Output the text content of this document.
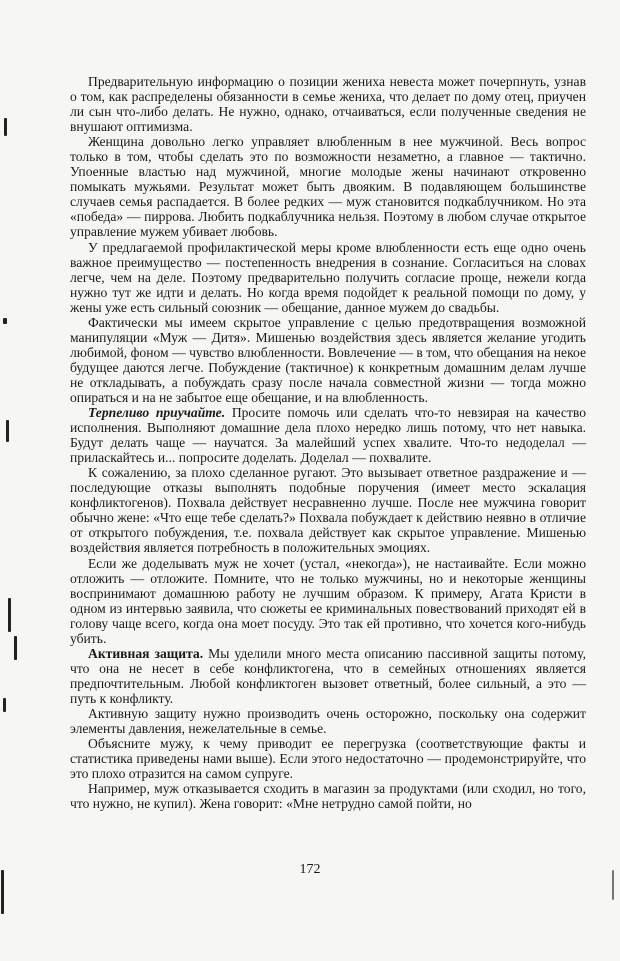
Предварительную информацию о позиции жениха невеста может почерпнуть, узнав о том, как распределены обязанности в семье жениха, что делает по дому отец, приучен ли сын что-либо делать. Не нужно, однако, отчаиваться, если полученные сведения не внушают оптимизма.

Женщина довольно легко управляет влюбленным в нее мужчиной. Весь вопрос только в том, чтобы сделать это по возможности незаметно, а главное — тактично. Упоенные властью над мужчиной, многие молодые жены начинают откровенно помыкать мужьями. Результат может быть двояким. В подавляющем большинстве случаев семья распадается. В более редких — муж становится подкаблучником. Но эта «победа» — пиррова. Любить подкаблучника нельзя. Поэтому в любом случае открытое управление мужем убивает любовь.

У предлагаемой профилактической меры кроме влюбленности есть еще одно очень важное преимущество — постепенность внедрения в сознание. Согласиться на словах легче, чем на деле. Поэтому предварительно получить согласие проще, нежели когда нужно тут же идти и делать. Но когда время подойдет к реальной помощи по дому, у жены уже есть сильный союзник — обещание, данное мужем до свадьбы.

Фактически мы имеем скрытое управление с целью предотвращения возможной манипуляции «Муж — Дитя». Мишенью воздействия здесь является желание угодить любимой, фоном — чувство влюбленности. Вовлечение — в том, что обещания на некое будущее даются легче. Побуждение (тактичное) к конкретным домашним делам лучше не откладывать, а побуждать сразу после начала совместной жизни — тогда можно опираться и на не забытое еще обещание, и на влюбленность.

Терпеливо приучайте. Просите помочь или сделать что-то невзирая на качество исполнения. Выполняют домашние дела плохо нередко лишь потому, что нет навыка. Будут делать чаще — научатся. За малейший успех хвалите. Что-то недоделал — приласкайтесь и... попросите доделать. Доделал — похвалите.

К сожалению, за плохо сделанное ругают. Это вызывает ответное раздражение и — последующие отказы выполнять подобные поручения (имеет место эскалация конфликтогенов). Похвала действует несравненно лучше. После нее мужчина говорит обычно жене: «Что еще тебе сделать?» Похвала побуждает к действию неявно в отличие от открытого побуждения, т.е. похвала действует как скрытое управление. Мишенью воздействия является потребность в положительных эмоциях.

Если же доделывать муж не хочет (устал, «некогда»), не настаивайте. Если можно отложить — отложите. Помните, что не только мужчины, но и некоторые женщины воспринимают домашнюю работу не лучшим образом. К примеру, Агата Кристи в одном из интервью заявила, что сюжеты ее криминальных повествований приходят ей в голову чаще всего, когда она моет посуду. Это так ей противно, что хочется кого-нибудь убить.

Активная защита. Мы уделили много места описанию пассивной защиты потому, что она не несет в себе конфликтогена, что в семейных отношениях является предпочтительным. Любой конфликтоген вызовет ответный, более сильный, а это — путь к конфликту.

Активную защиту нужно производить очень осторожно, поскольку она содержит элементы давления, нежелательные в семье.

Объясните мужу, к чему приводит ее перегрузка (соответствующие факты и статистика приведены нами выше). Если этого недостаточно — продемонстрируйте, что это плохо отразится на самом супруге.

Например, муж отказывается сходить в магазин за продуктами (или сходил, но того, что нужно, не купил). Жена говорит: «Мне нетрудно самой пойти, но

172
